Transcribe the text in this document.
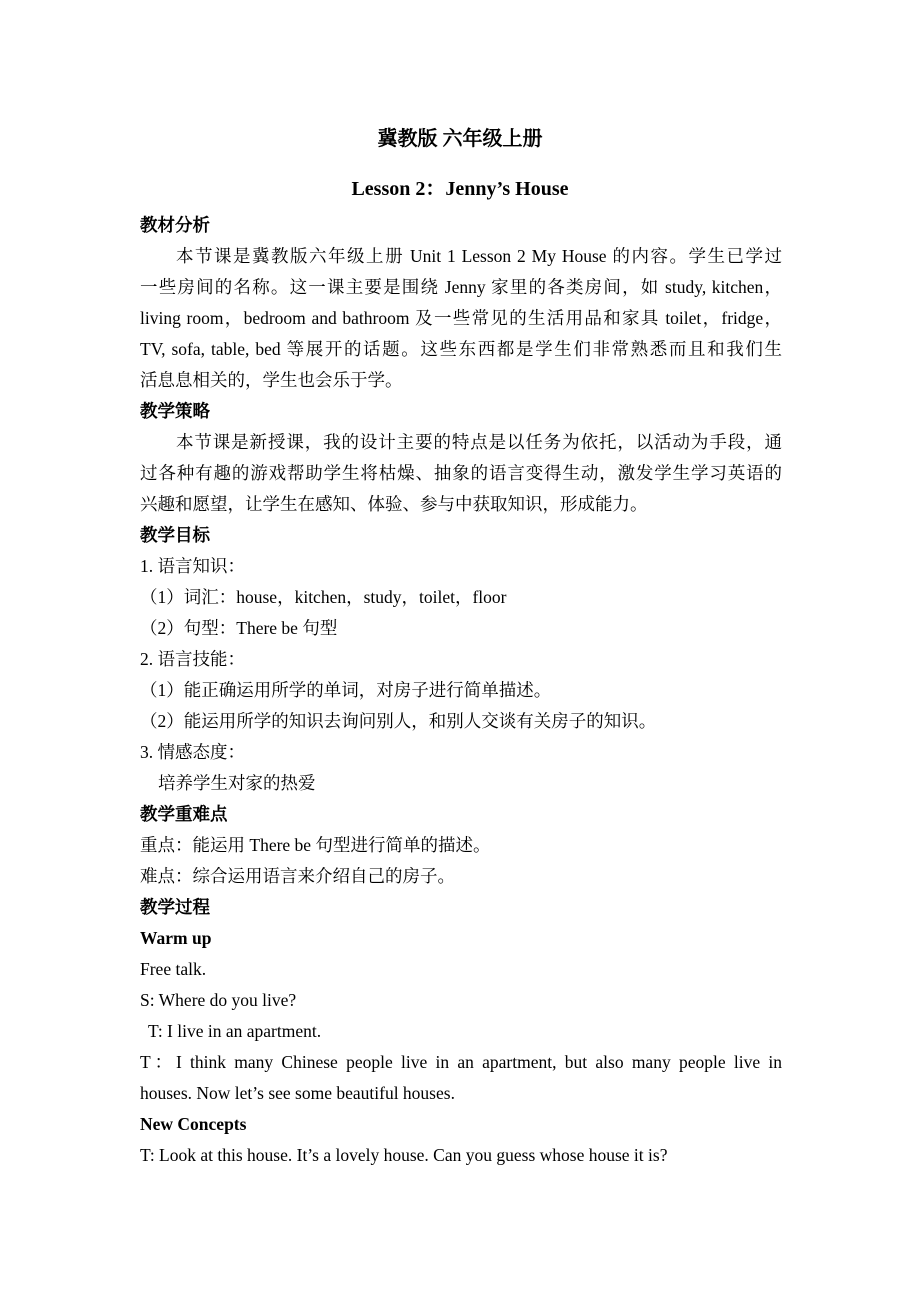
冀教版 六年级上册
Lesson 2：Jenny’s House
教材分析
本节课是冀教版六年级上册 Unit 1 Lesson 2 My House 的内容。学生已学过
一些房间的名称。这一课主要是围绕 Jenny 家里的各类房间，如 study, kitchen，
living room，bedroom and bathroom 及一些常见的生活用品和家具 toilet，fridge，
TV, sofa, table, bed 等展开的话题。这些东西都是学生们非常熟悉而且和我们生
活息息相关的，学生也会乐于学。
教学策略
本节课是新授课，我的设计主要的特点是以任务为依托，以活动为手段，通
过各种有趣的游戏帮助学生将枯燥、抽象的语言变得生动，激发学生学习英语的
兴趣和愿望，让学生在感知、体验、参与中获取知识，形成能力。
教学目标
1. 语言知识：
（1）词汇：house，kitchen，study，toilet，floor
（2）句型：There be 句型
2. 语言技能：
（1）能正确运用所学的单词，对房子进行简单描述。
（2）能运用所学的知识去询问别人，和别人交谈有关房子的知识。
3. 情感态度：
培养学生对家的热爱
教学重难点
重点：能运用 There be 句型进行简单的描述。
难点：综合运用语言来介绍自己的房子。
教学过程
Warm up
Free talk.
S: Where do you live?
T: I live in an apartment.
T：I think many Chinese people live in an apartment, but also many people live in
houses. Now let’s see some beautiful houses.
New Concepts
T: Look at this house. It’s a lovely house. Can you guess whose house it is?
